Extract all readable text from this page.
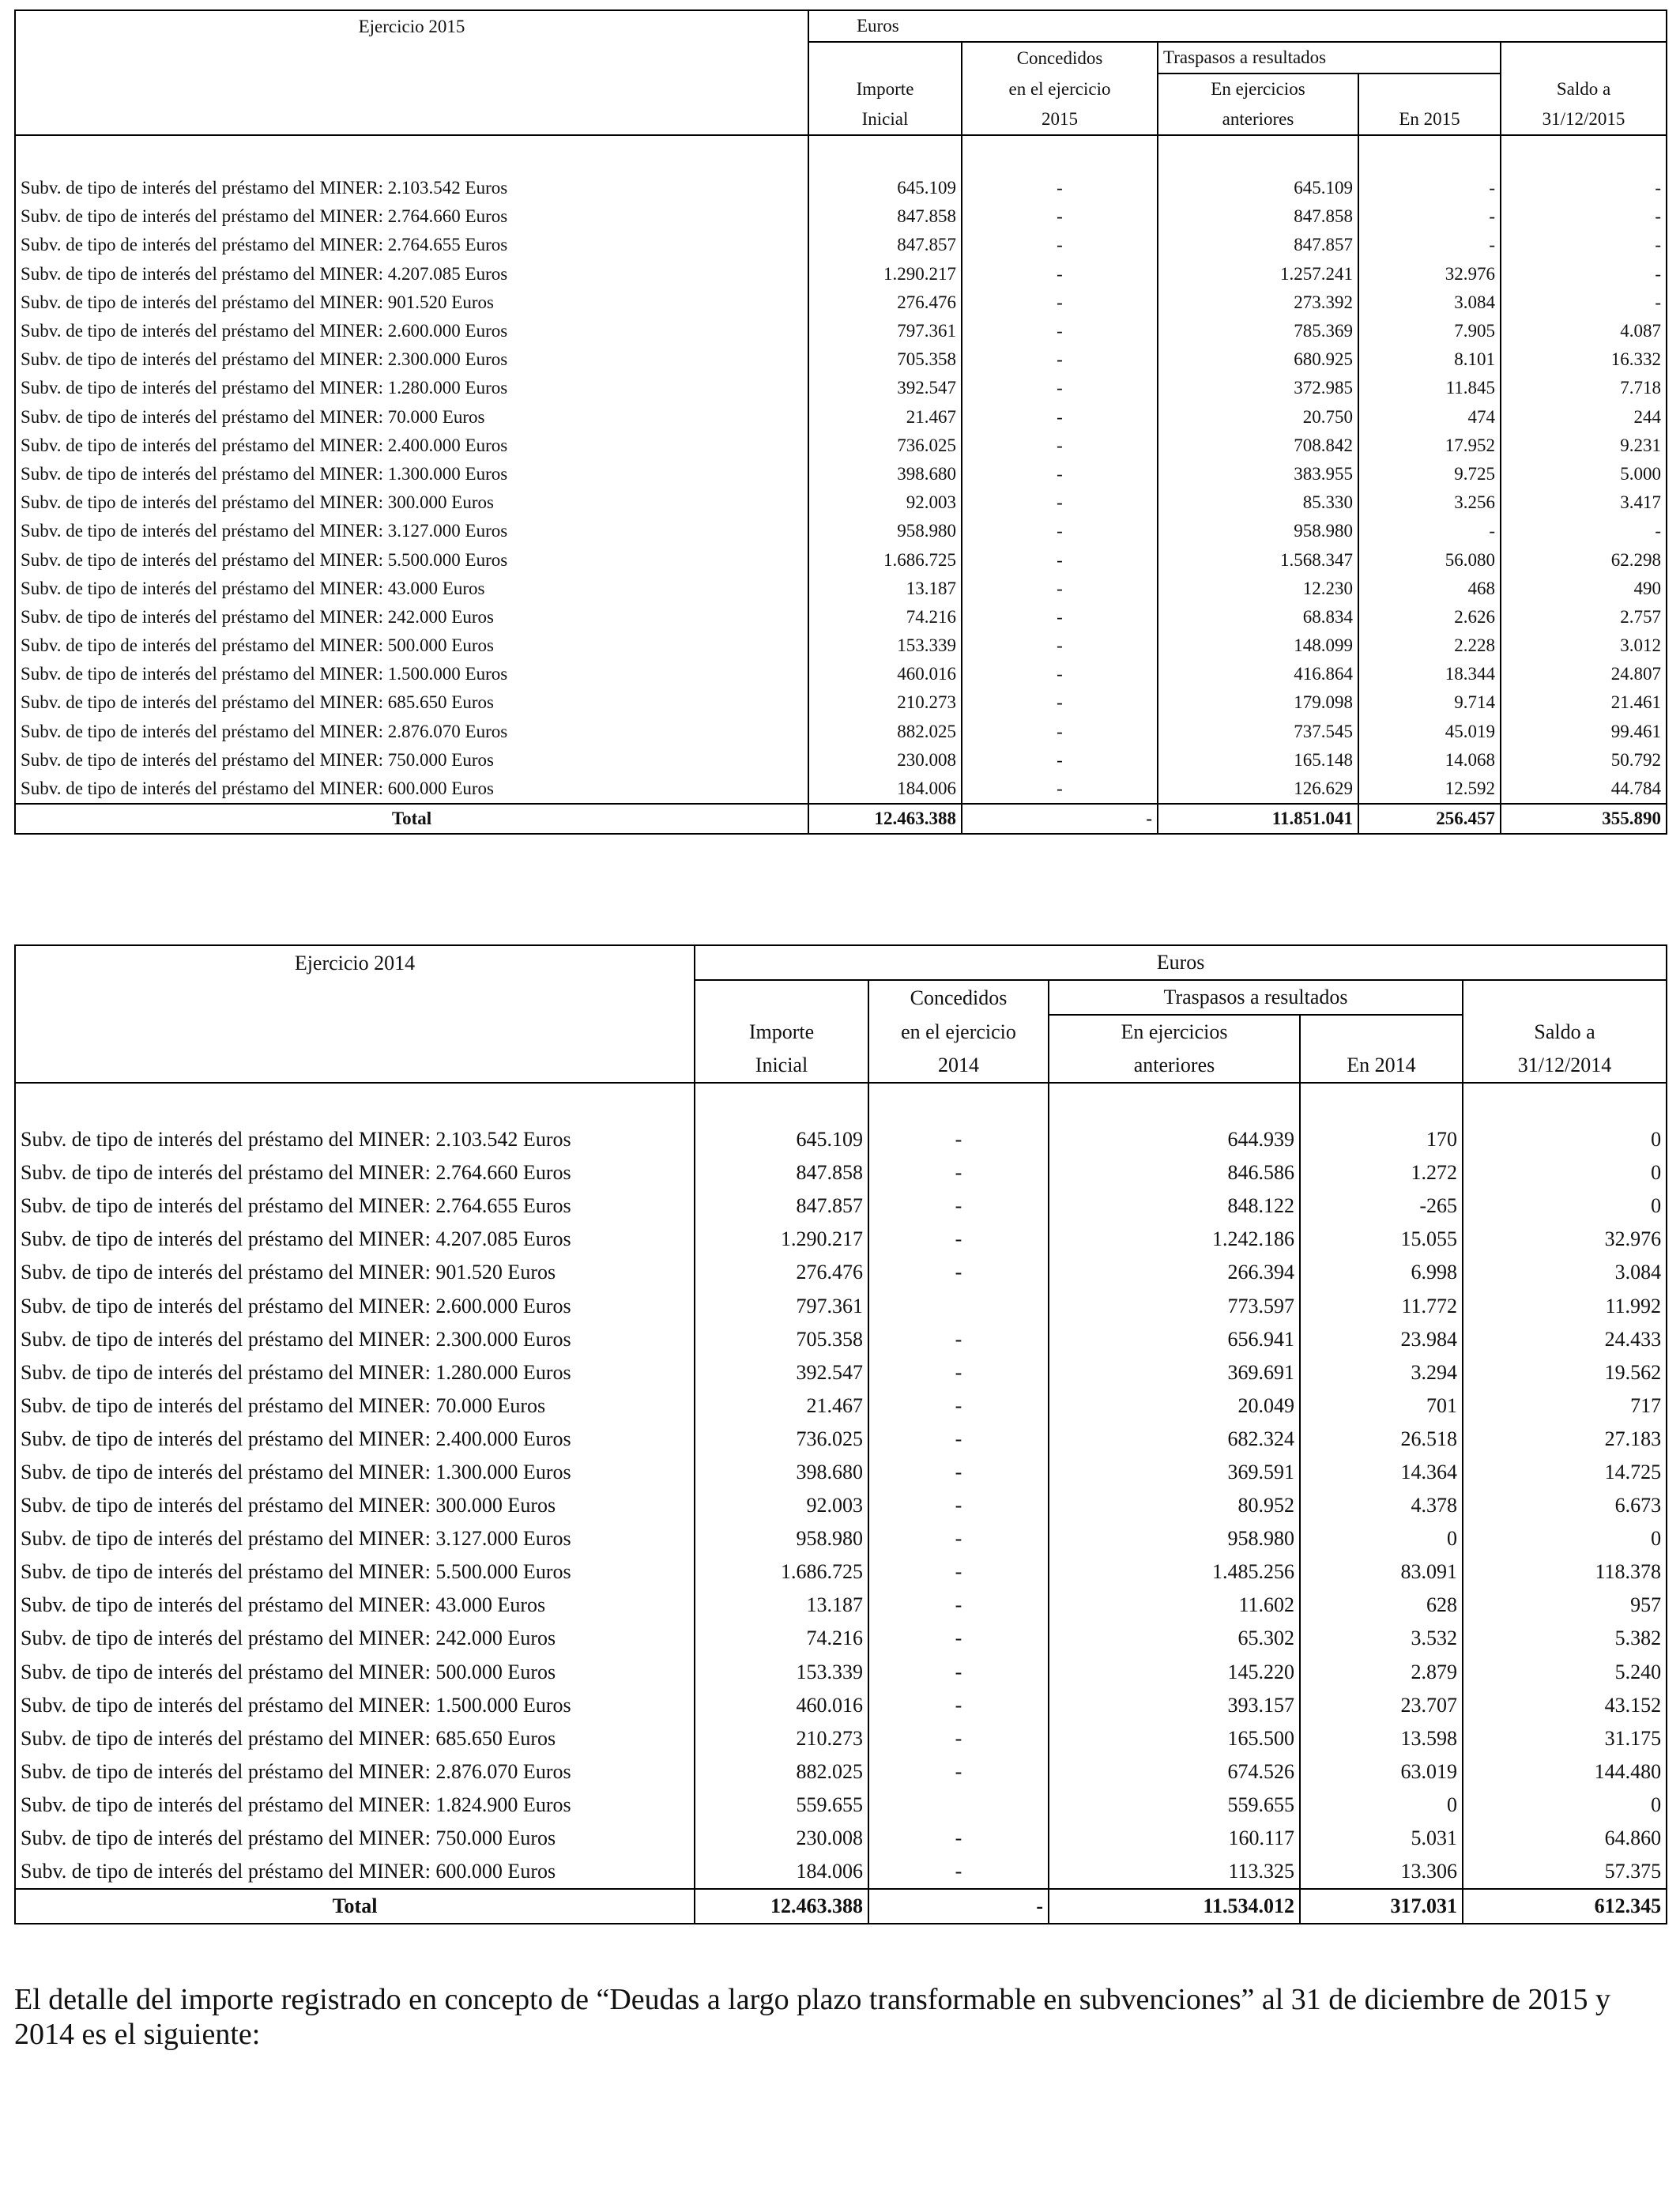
Ejercicio 2015	Euros				
		Concedidos	Traspasos a resultados		
	Importe	en el ejercicio	En ejercicios		Saldo a
	Inicial	2015	anteriores	En 2015	31/12/2015

Subv. de tipo de interés del préstamo del MINER: 2.103.542 Euros	645.109	-	645.109	-	-
Subv. de tipo de interés del préstamo del MINER: 2.764.660 Euros	847.858	-	847.858	-	-
Subv. de tipo de interés del préstamo del MINER: 2.764.655 Euros	847.857	-	847.857	-	-
Subv. de tipo de interés del préstamo del MINER: 4.207.085 Euros	1.290.217	-	1.257.241	32.976	-
Subv. de tipo de interés del préstamo del MINER: 901.520 Euros	276.476	-	273.392	3.084	-
Subv. de tipo de interés del préstamo del MINER: 2.600.000 Euros	797.361	-	785.369	7.905	4.087
Subv. de tipo de interés del préstamo del MINER: 2.300.000 Euros	705.358	-	680.925	8.101	16.332
Subv. de tipo de interés del préstamo del MINER: 1.280.000 Euros	392.547	-	372.985	11.845	7.718
Subv. de tipo de interés del préstamo del MINER: 70.000 Euros	21.467	-	20.750	474	244
Subv. de tipo de interés del préstamo del MINER: 2.400.000 Euros	736.025	-	708.842	17.952	9.231
Subv. de tipo de interés del préstamo del MINER: 1.300.000 Euros	398.680	-	383.955	9.725	5.000
Subv. de tipo de interés del préstamo del MINER: 300.000 Euros	92.003	-	85.330	3.256	3.417
Subv. de tipo de interés del préstamo del MINER: 3.127.000 Euros	958.980	-	958.980	-	-
Subv. de tipo de interés del préstamo del MINER: 5.500.000 Euros	1.686.725	-	1.568.347	56.080	62.298
Subv. de tipo de interés del préstamo del MINER: 43.000 Euros	13.187	-	12.230	468	490
Subv. de tipo de interés del préstamo del MINER: 242.000 Euros	74.216	-	68.834	2.626	2.757
Subv. de tipo de interés del préstamo del MINER: 500.000 Euros	153.339	-	148.099	2.228	3.012
Subv. de tipo de interés del préstamo del MINER: 1.500.000 Euros	460.016	-	416.864	18.344	24.807
Subv. de tipo de interés del préstamo del MINER: 685.650 Euros	210.273	-	179.098	9.714	21.461
Subv. de tipo de interés del préstamo del MINER: 2.876.070 Euros	882.025	-	737.545	45.019	99.461
Subv. de tipo de interés del préstamo del MINER: 750.000 Euros	230.008	-	165.148	14.068	50.792
Subv. de tipo de interés del préstamo del MINER: 600.000 Euros	184.006	-	126.629	12.592	44.784
Total	12.463.388	-	11.851.041	256.457	355.890
Ejercicio 2014	Euros				
		Concedidos	Traspasos a resultados		
	Importe	en el ejercicio	En ejercicios		Saldo a
	Inicial	2014	anteriores	En 2014	31/12/2014

Subv. de tipo de interés del préstamo del MINER: 2.103.542 Euros	645.109	-	644.939	170	0
Subv. de tipo de interés del préstamo del MINER: 2.764.660 Euros	847.858	-	846.586	1.272	0
Subv. de tipo de interés del préstamo del MINER: 2.764.655 Euros	847.857	-	848.122	-265	0
Subv. de tipo de interés del préstamo del MINER: 4.207.085 Euros	1.290.217	-	1.242.186	15.055	32.976
Subv. de tipo de interés del préstamo del MINER: 901.520 Euros	276.476	-	266.394	6.998	3.084
Subv. de tipo de interés del préstamo del MINER: 2.600.000 Euros	797.361		773.597	11.772	11.992
Subv. de tipo de interés del préstamo del MINER: 2.300.000 Euros	705.358	-	656.941	23.984	24.433
Subv. de tipo de interés del préstamo del MINER: 1.280.000 Euros	392.547	-	369.691	3.294	19.562
Subv. de tipo de interés del préstamo del MINER: 70.000 Euros	21.467	-	20.049	701	717
Subv. de tipo de interés del préstamo del MINER: 2.400.000 Euros	736.025	-	682.324	26.518	27.183
Subv. de tipo de interés del préstamo del MINER: 1.300.000 Euros	398.680	-	369.591	14.364	14.725
Subv. de tipo de interés del préstamo del MINER: 300.000 Euros	92.003	-	80.952	4.378	6.673
Subv. de tipo de interés del préstamo del MINER: 3.127.000 Euros	958.980	-	958.980	0	0
Subv. de tipo de interés del préstamo del MINER: 5.500.000 Euros	1.686.725	-	1.485.256	83.091	118.378
Subv. de tipo de interés del préstamo del MINER: 43.000 Euros	13.187	-	11.602	628	957
Subv. de tipo de interés del préstamo del MINER: 242.000 Euros	74.216	-	65.302	3.532	5.382
Subv. de tipo de interés del préstamo del MINER: 500.000 Euros	153.339	-	145.220	2.879	5.240
Subv. de tipo de interés del préstamo del MINER: 1.500.000 Euros	460.016	-	393.157	23.707	43.152
Subv. de tipo de interés del préstamo del MINER: 685.650 Euros	210.273	-	165.500	13.598	31.175
Subv. de tipo de interés del préstamo del MINER: 2.876.070 Euros	882.025	-	674.526	63.019	144.480
Subv. de tipo de interés del préstamo del MINER: 1.824.900 Euros	559.655		559.655	0	0
Subv. de tipo de interés del préstamo del MINER: 750.000 Euros	230.008	-	160.117	5.031	64.860
Subv. de tipo de interés del préstamo del MINER: 600.000 Euros	184.006	-	113.325	13.306	57.375
Total	12.463.388	-	11.534.012	317.031	612.345

El detalle del importe registrado en concepto de “Deudas a largo plazo transformable en subvenciones” al 31 de diciembre de 2015 y 2014 es el siguiente:
